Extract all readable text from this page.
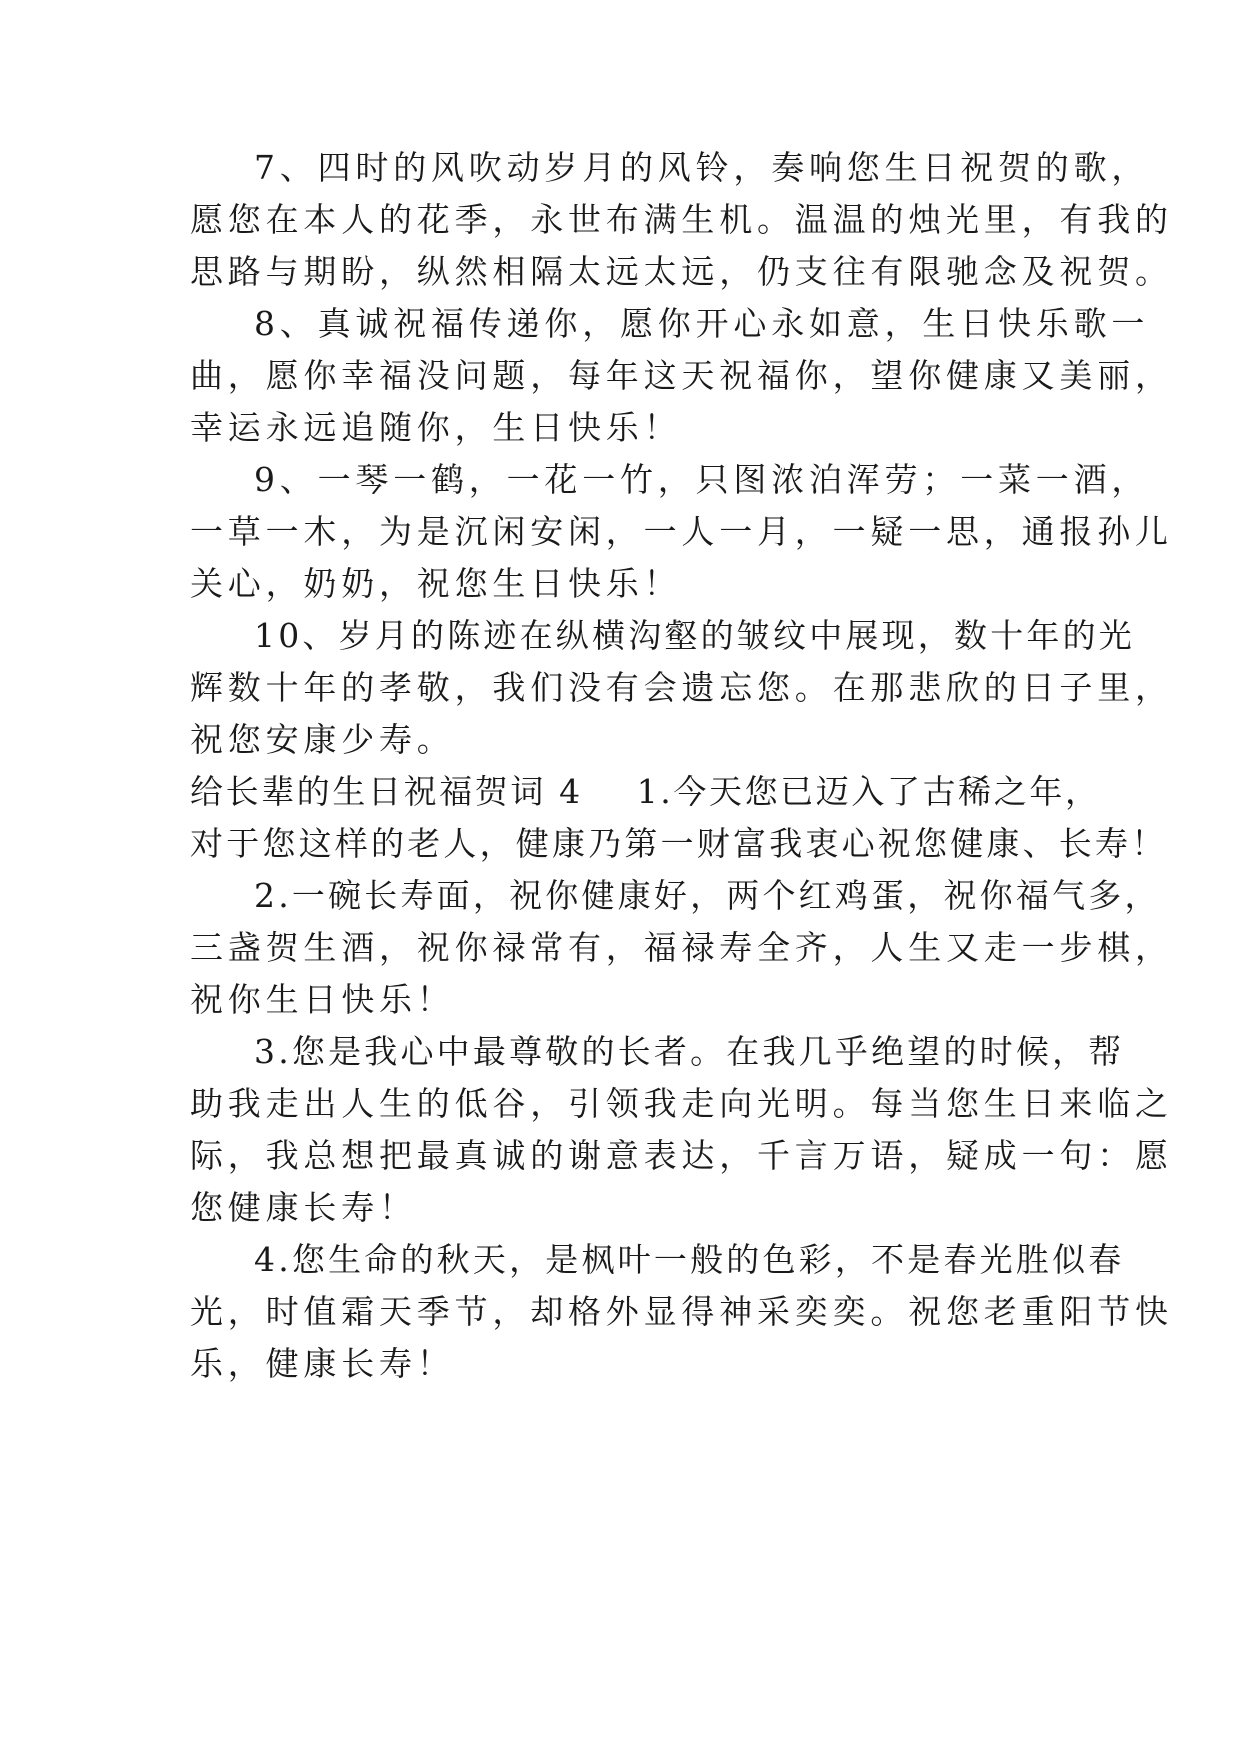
7、四时的风吹动岁月的风铃，奏响您生日祝贺的歌，
愿您在本人的花季，永世布满生机。温温的烛光里，有我的
思路与期盼，纵然相隔太远太远，仍支往有限驰念及祝贺。
8、真诚祝福传递你，愿你开心永如意，生日快乐歌一
曲，愿你幸福没问题，每年这天祝福你，望你健康又美丽，
幸运永远追随你，生日快乐！
9、一琴一鹤，一花一竹，只图浓泊浑劳；一菜一酒，
一草一木，为是沉闲安闲，一人一月，一疑一思，通报孙儿
关心，奶奶，祝您生日快乐！
10、岁月的陈迹在纵横沟壑的皱纹中展现，数十年的光
辉数十年的孝敬，我们没有会遗忘您。在那悲欣的日子里，
祝您安康少寿。
给长辈的生日祝福贺词 4 1.今天您已迈入了古稀之年，
对于您这样的老人，健康乃第一财富我衷心祝您健康、长寿！
2.一碗长寿面，祝你健康好，两个红鸡蛋，祝你福气多，
三盏贺生酒，祝你禄常有，福禄寿全齐，人生又走一步棋，
祝你生日快乐！
3.您是我心中最尊敬的长者。在我几乎绝望的时候，帮
助我走出人生的低谷，引领我走向光明。每当您生日来临之
际，我总想把最真诚的谢意表达，千言万语，疑成一句：愿
您健康长寿！
4.您生命的秋天，是枫叶一般的色彩，不是春光胜似春
光，时值霜天季节，却格外显得神采奕奕。祝您老重阳节快
乐，健康长寿！
